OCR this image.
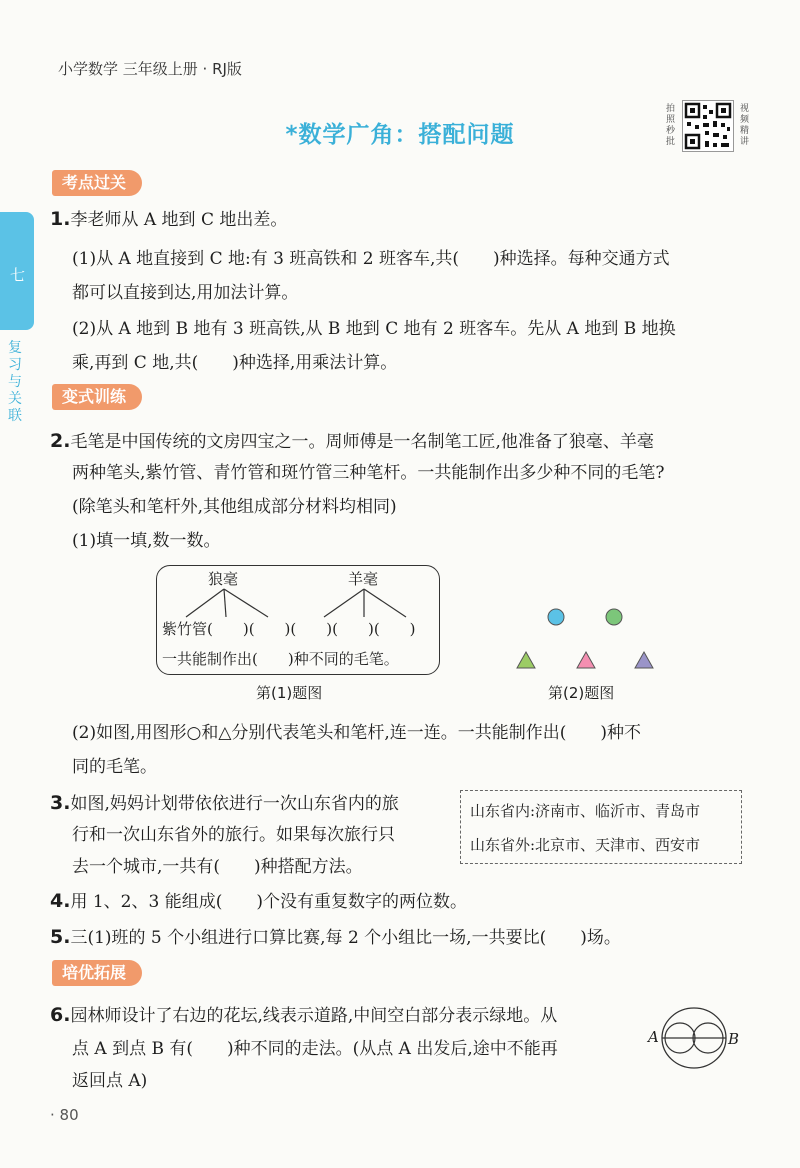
小学数学 三年级上册 · RJ版
*数学广角：搭配问题
拍照秒批
视频精讲
七
复习与关联
考点过关
1.李老师从 A 地到 C 地出差。
(1)从 A 地直接到 C 地:有 3 班高铁和 2 班客车,共(　　)种选择。每种交通方式
都可以直接到达,用加法计算。
(2)从 A 地到 B 地有 3 班高铁,从 B 地到 C 地有 2 班客车。先从 A 地到 B 地换
乘,再到 C 地,共(　　)种选择,用乘法计算。
变式训练
2.毛笔是中国传统的文房四宝之一。周师傅是一名制笔工匠,他准备了狼毫、羊毫
两种笔头,紫竹管、青竹管和斑竹管三种笔杆。一共能制作出多少种不同的毛笔?
(除笔头和笔杆外,其他组成部分材料均相同)
(1)填一填,数一数。
狼毫	羊毫
紫竹管(　　)(　　)(　　)(　　)(　　)
一共能制作出(　　)种不同的毛笔。
第(1)题图	第(2)题图
(2)如图,用图形○和△分别代表笔头和笔杆,连一连。一共能制作出(　　)种不
同的毛笔。
3.如图,妈妈计划带依依进行一次山东省内的旅
行和一次山东省外的旅行。如果每次旅行只
去一个城市,一共有(　　)种搭配方法。
山东省内:济南市、临沂市、青岛市
山东省外:北京市、天津市、西安市
4.用 1、2、3 能组成(　　)个没有重复数字的两位数。
5.三(1)班的 5 个小组进行口算比赛,每 2 个小组比一场,一共要比(　　)场。
培优拓展
6.园林师设计了右边的花坛,线表示道路,中间空白部分表示绿地。从
点 A 到点 B 有(　　)种不同的走法。(从点 A 出发后,途中不能再
返回点 A)
A	B
· 80
